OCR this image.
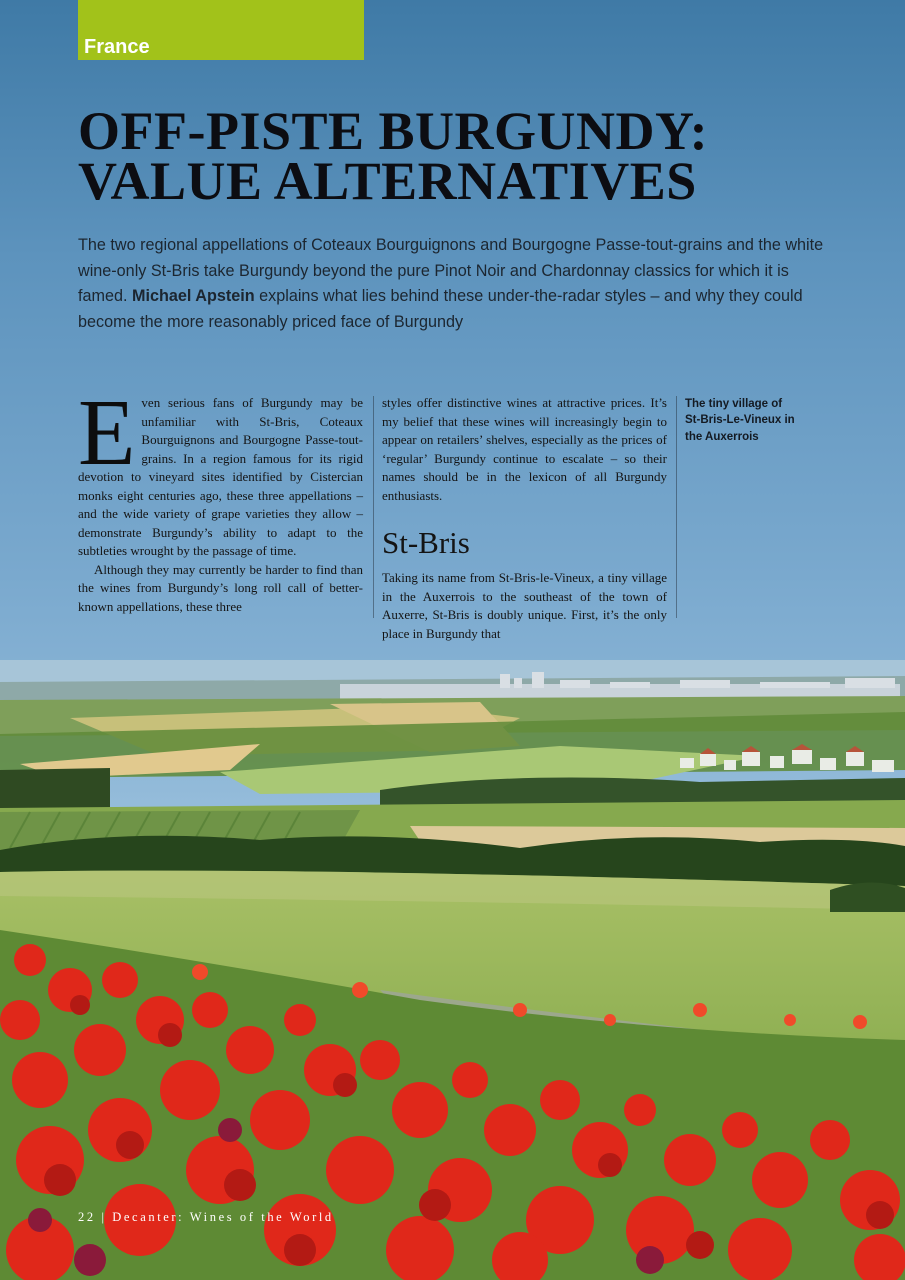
France
OFF-PISTE BURGUNDY:
VALUE ALTERNATIVES

The two regional appellations of Coteaux Bourguignons and Bourgogne Passe-tout-grains and the white wine-only St-Bris take Burgundy beyond the pure Pinot Noir and Chardonnay classics for which it is famed. Michael Apstein explains what lies behind these under-the-radar styles – and why they could become the more reasonably priced face of Burgundy

Even serious fans of Burgundy may be unfamiliar with St-Bris, Coteaux Bourguignons and Bourgogne Passe-tout-grains. In a region famous for its rigid devotion to vineyard sites identified by Cistercian monks eight centuries ago, these three appellations – and the wide variety of grape varieties they allow – demonstrate Burgundy’s ability to adapt to the subtleties wrought by the passage of time.
Although they may currently be harder to find than the wines from Burgundy’s long roll call of better-known appellations, these three

styles offer distinctive wines at attractive prices. It’s my belief that these wines will increasingly begin to appear on retailers’ shelves, especially as the prices of ‘regular’ Burgundy continue to escalate – so their names should be in the lexicon of all Burgundy enthusiasts.

St-Bris

Taking its name from St-Bris-le-Vineux, a tiny village in the Auxerrois to the southeast of the town of Auxerre, St-Bris is doubly unique. First, it’s the only place in Burgundy that

The tiny village of St-Bris-Le-Vineux in the Auxerrois
22 | Decanter: Wines of the World
